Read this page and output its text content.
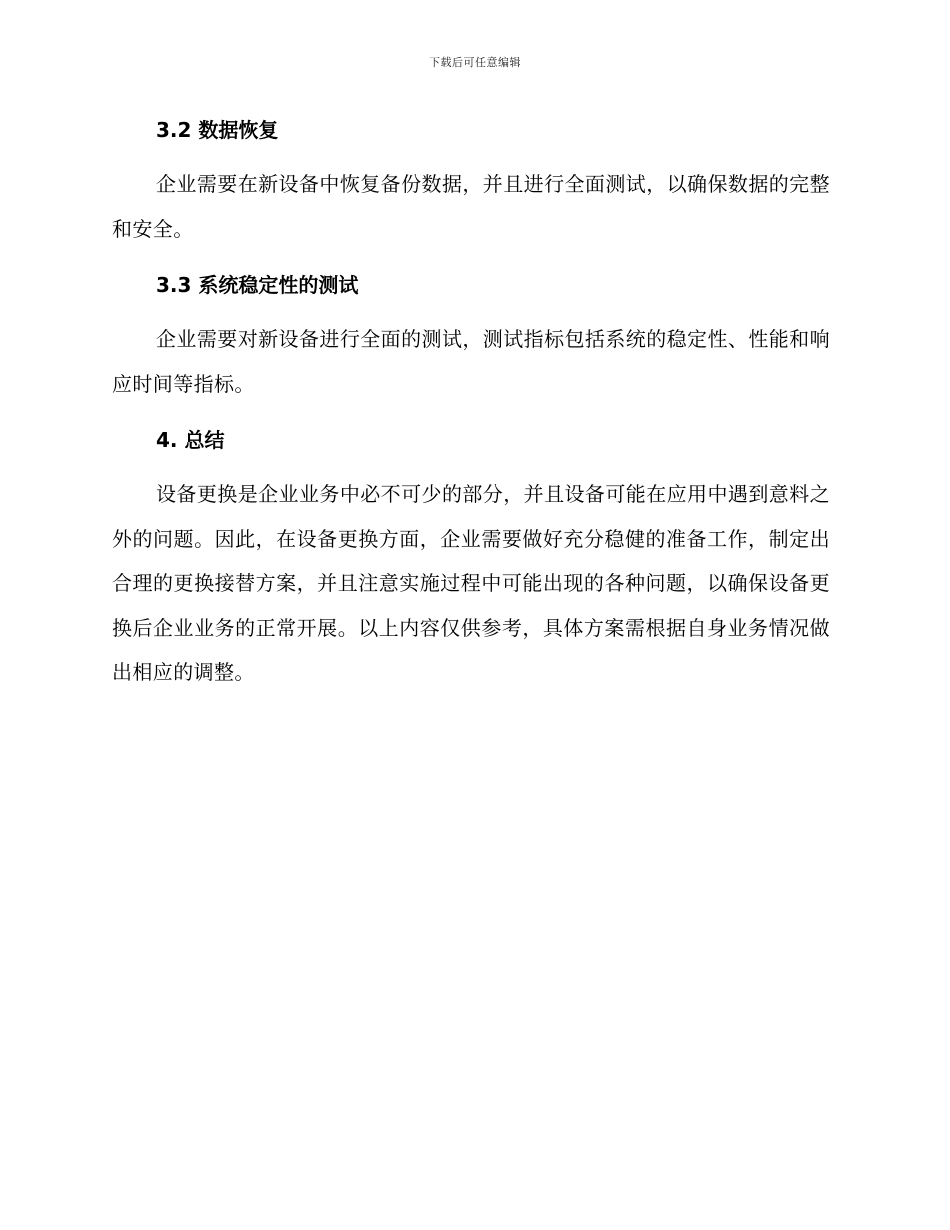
下载后可任意编辑
3.2 数据恢复

企业需要在新设备中恢复备份数据，并且进行全面测试，以确保数据的完整和安全。

3.3 系统稳定性的测试

企业需要对新设备进行全面的测试，测试指标包括系统的稳定性、性能和响应时间等指标。

4. 总结

设备更换是企业业务中必不可少的部分，并且设备可能在应用中遇到意料之外的问题。因此，在设备更换方面，企业需要做好充分稳健的准备工作，制定出合理的更换接替方案，并且注意实施过程中可能出现的各种问题，以确保设备更换后企业业务的正常开展。以上内容仅供参考，具体方案需根据自身业务情况做出相应的调整。
